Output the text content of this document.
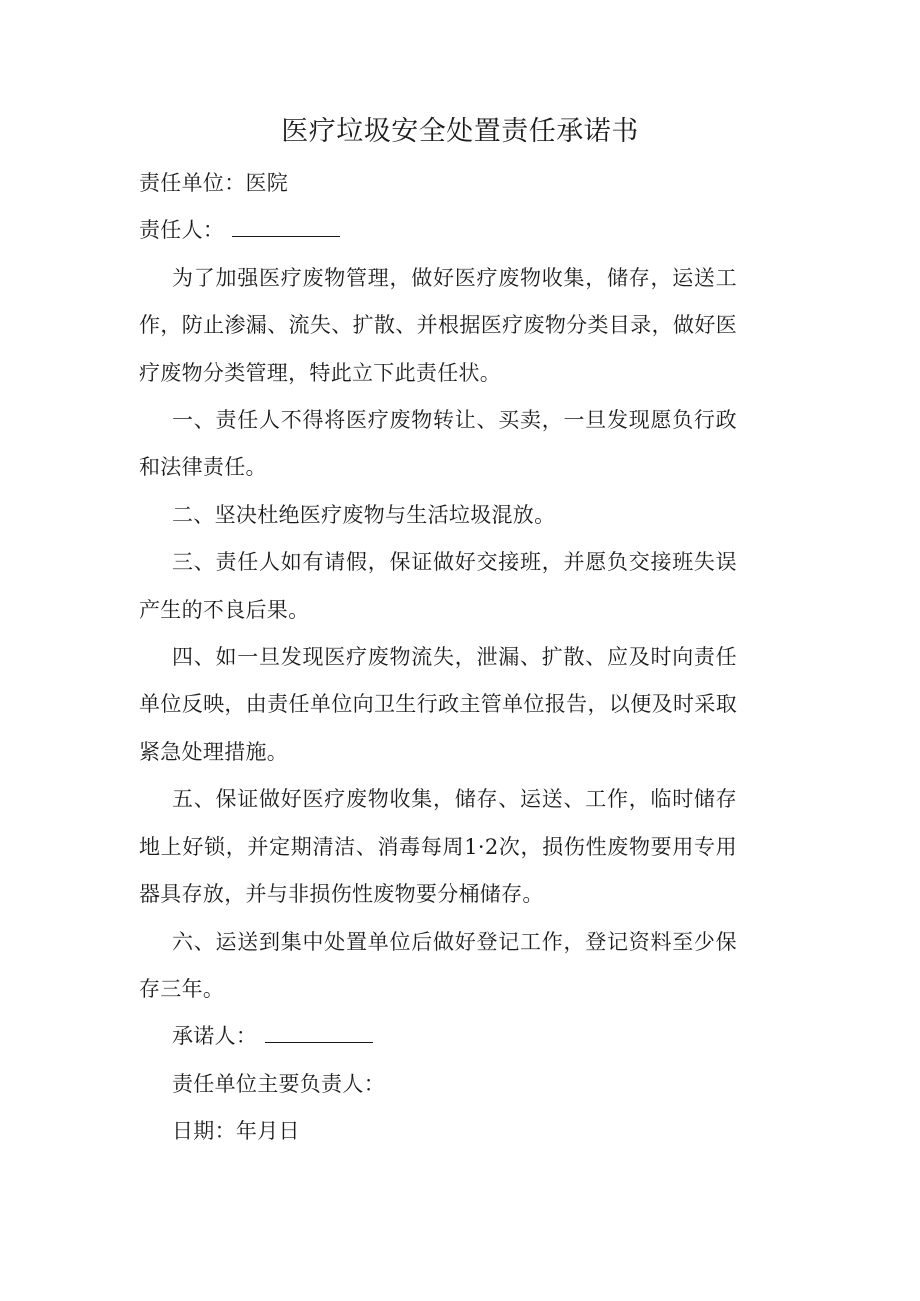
医疗垃圾安全处置责任承诺书

责任单位：医院

责任人：

为了加强医疗废物管理，做好医疗废物收集，储存，运送工作，防止渗漏、流失、扩散、并根据医疗废物分类目录，做好医疗废物分类管理，特此立下此责任状。

一、责任人不得将医疗废物转让、买卖，一旦发现愿负行政和法律责任。

二、坚决杜绝医疗废物与生活垃圾混放。

三、责任人如有请假，保证做好交接班，并愿负交接班失误产生的不良后果。

四、如一旦发现医疗废物流失，泄漏、扩散、应及时向责任单位反映，由责任单位向卫生行政主管单位报告，以便及时采取紧急处理措施。

五、保证做好医疗废物收集，储存、运送、工作，临时储存地上好锁，并定期清洁、消毒每周1·2次，损伤性废物要用专用器具存放，并与非损伤性废物要分桶储存。

六、运送到集中处置单位后做好登记工作，登记资料至少保存三年。

承诺人：

责任单位主要负责人：

日期：年月日
